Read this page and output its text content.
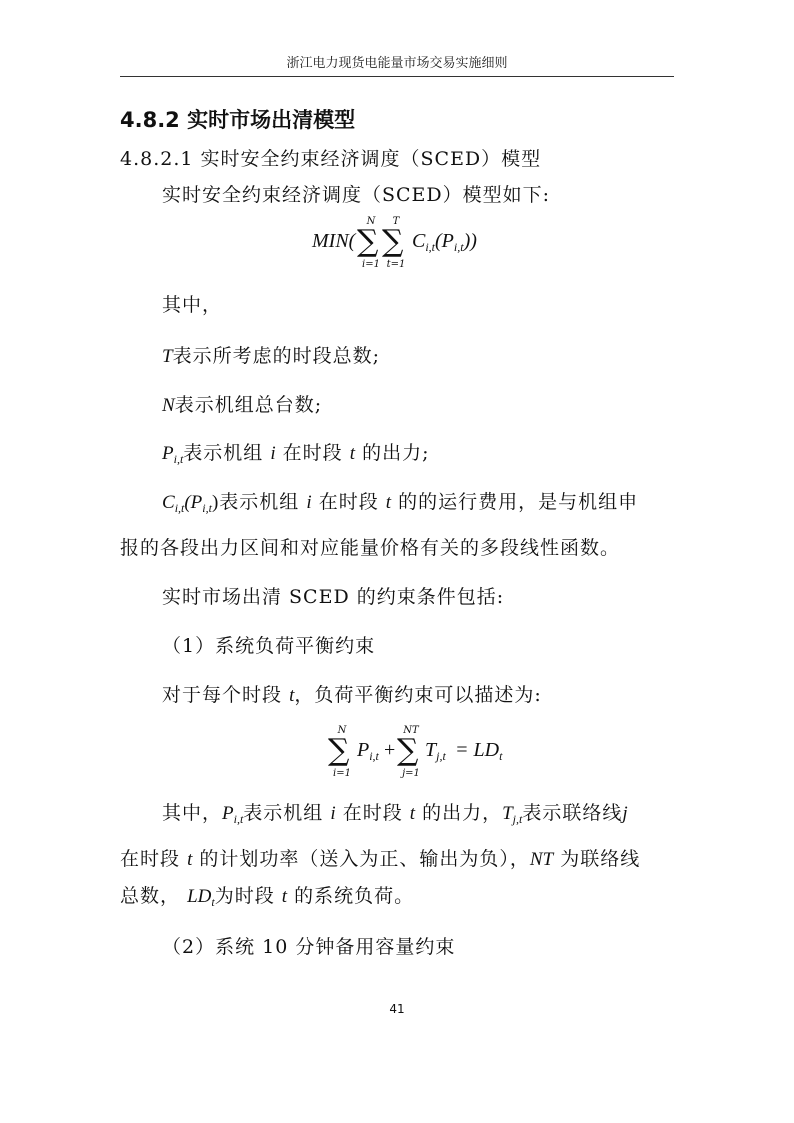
浙江电力现货电能量市场交易实施细则
4.8.2 实时市场出清模型
4.8.2.1 实时安全约束经济调度（SCED）模型
实时安全约束经济调度（SCED）模型如下:
MIN(
N
∑
i=1
T
∑
t=1
$C_{i,t}(P_{i,t})$)
其中，
T表示所考虑的时段总数;
N表示机组总台数;
$P_{i,t}$表示机组 i 在时段 t 的出力;
$C_{i,t}(P_{i,t})$表示机组 i 在时段 t 的的运行费用，是与机组申
报的各段出力区间和对应能量价格有关的多段线性函数。
实时市场出清 SCED 的约束条件包括:
（1）系统负荷平衡约束
对于每个时段 t，负荷平衡约束可以描述为:
N
∑
i=1
$P_{i,t}$ +
NT
∑
j=1
$T_{j,t} = LD_t$
其中，$P_{i,t}$表示机组 i 在时段 t 的出力，$T_{j,t}$表示联络线j
在时段 t 的计划功率（送入为正、输出为负），NT 为联络线
总数， $LD_t$为时段 t 的系统负荷。
（2）系统 10 分钟备用容量约束
41
